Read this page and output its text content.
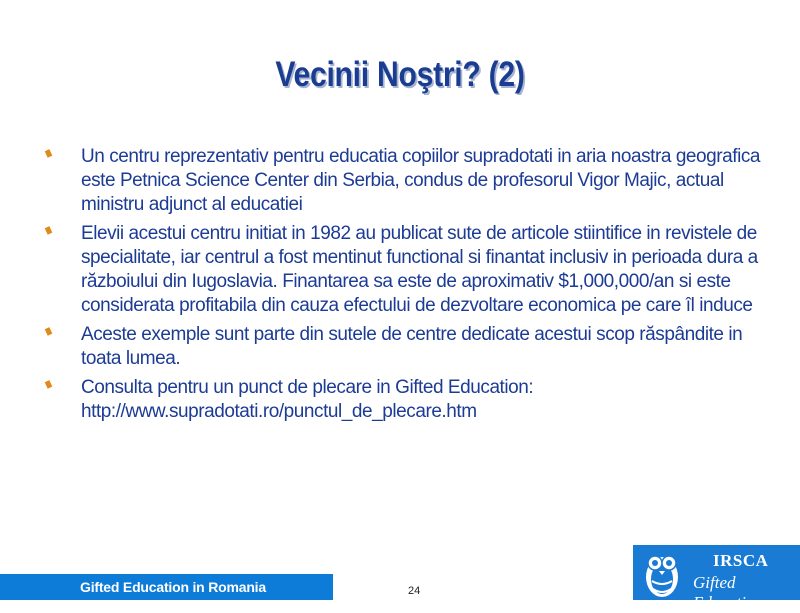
Vecinii Noştri? (2)
Un centru reprezentativ pentru educatia copiilor supradotati in aria noastra geografica este Petnica Science Center din Serbia, condus de profesorul Vigor Majic, actual ministru adjunct al educatiei
Elevii acestui centru initiat in 1982 au publicat sute de articole stiintifice in revistele de specialitate, iar centrul a fost mentinut functional si finantat inclusiv in perioada dura a războiului din Iugoslavia. Finantarea sa este de aproximativ $1,000,000/an si este considerata profitabila din cauza efectului de dezvoltare economica pe care îl induce
Aceste exemple sunt parte din sutele de centre dedicate acestui scop răspândite in toata lumea.
Consulta pentru un punct de plecare in Gifted Education:
http://www.supradotati.ro/punctul_de_plecare.htm
Gifted Education in Romania	24
IRSCA
Gifted Education
